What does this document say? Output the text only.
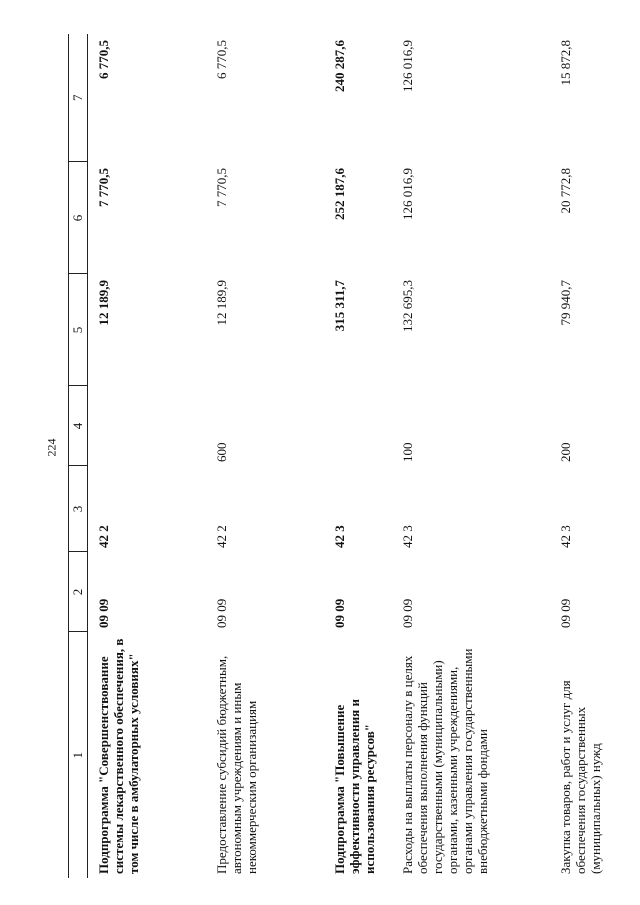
224
1	2	3	4	5	6	7
Подпрограмма "Совершенствование системы лекарственного обеспечения, в том числе в амбулаторных условиях"	09 09	42 2		12 189,9	7 770,5	6 770,5
Предоставление субсидий бюджетным, автономным учреждениям и иным некоммерческим организациям	09 09	42 2	600	12 189,9	7 770,5	6 770,5
Подпрограмма "Повышение эффективности управления и использования ресурсов"	09 09	42 3		315 311,7	252 187,6	240 287,6
Расходы на выплаты персоналу в целях обеспечения выполнения функций государственными (муниципальными) органами, казенными учреждениями, органами управления государственными внебюджетными фондами	09 09	42 3	100	132 695,3	126 016,9	126 016,9
Закупка товаров, работ и услуг для обеспечения государственных (муниципальных) нужд	09 09	42 3	200	79 940,7	20 772,8	15 872,8
